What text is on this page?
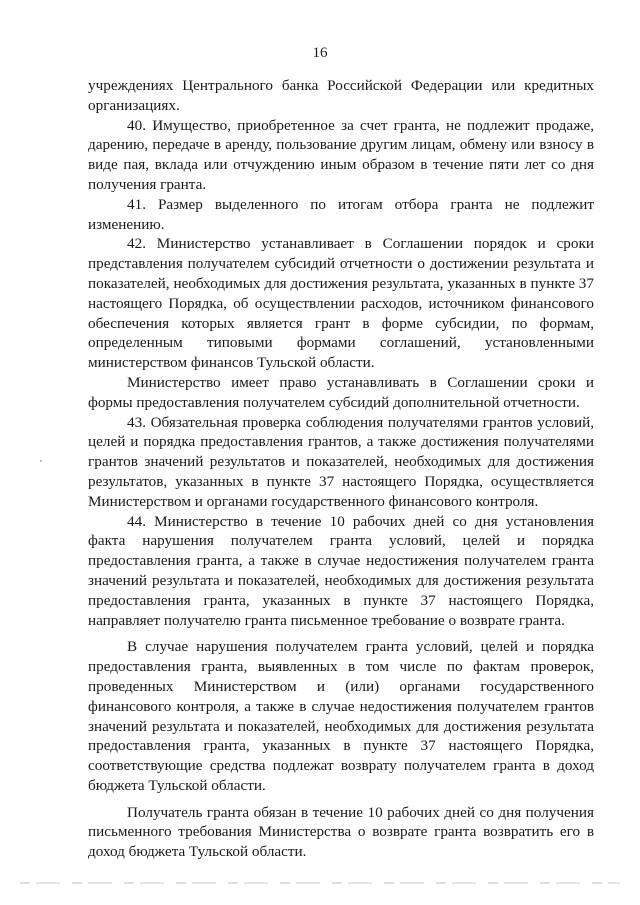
16

учреждениях Центрального банка Российской Федерации или кредитных организациях.

40. Имущество, приобретенное за счет гранта, не подлежит продаже, дарению, передаче в аренду, пользование другим лицам, обмену или взносу в виде пая, вклада или отчуждению иным образом в течение пяти лет со дня получения гранта.

41. Размер выделенного по итогам отбора гранта не подлежит изменению.

42. Министерство устанавливает в Соглашении порядок и сроки представления получателем субсидий отчетности о достижении результата и показателей, необходимых для достижения результата, указанных в пункте 37 настоящего Порядка, об осуществлении расходов, источником финансового обеспечения которых является грант в форме субсидии, по формам, определенным типовыми формами соглашений, установленными министерством финансов Тульской области.

Министерство имеет право устанавливать в Соглашении сроки и формы предоставления получателем субсидий дополнительной отчетности.

43. Обязательная проверка соблюдения получателями грантов условий, целей и порядка предоставления грантов, а также достижения получателями грантов значений результатов и показателей, необходимых для достижения результатов, указанных в пункте 37 настоящего Порядка, осуществляется Министерством и органами государственного финансового контроля.

44. Министерство в течение 10 рабочих дней со дня установления факта нарушения получателем гранта условий, целей и порядка предоставления гранта, а также в случае недостижения получателем гранта значений результата и показателей, необходимых для достижения результата предоставления гранта, указанных в пункте 37 настоящего Порядка, направляет получателю гранта письменное требование о возврате гранта.

В случае нарушения получателем гранта условий, целей и порядка предоставления гранта, выявленных в том числе по фактам проверок, проведенных Министерством и (или) органами государственного финансового контроля, а также в случае недостижения получателем грантов значений результата и показателей, необходимых для достижения результата предоставления гранта, указанных в пункте 37 настоящего Порядка, соответствующие средства подлежат возврату получателем гранта в доход бюджета Тульской области.

Получатель гранта обязан в течение 10 рабочих дней со дня получения письменного требования Министерства о возврате гранта возвратить его в доход бюджета Тульской области.
